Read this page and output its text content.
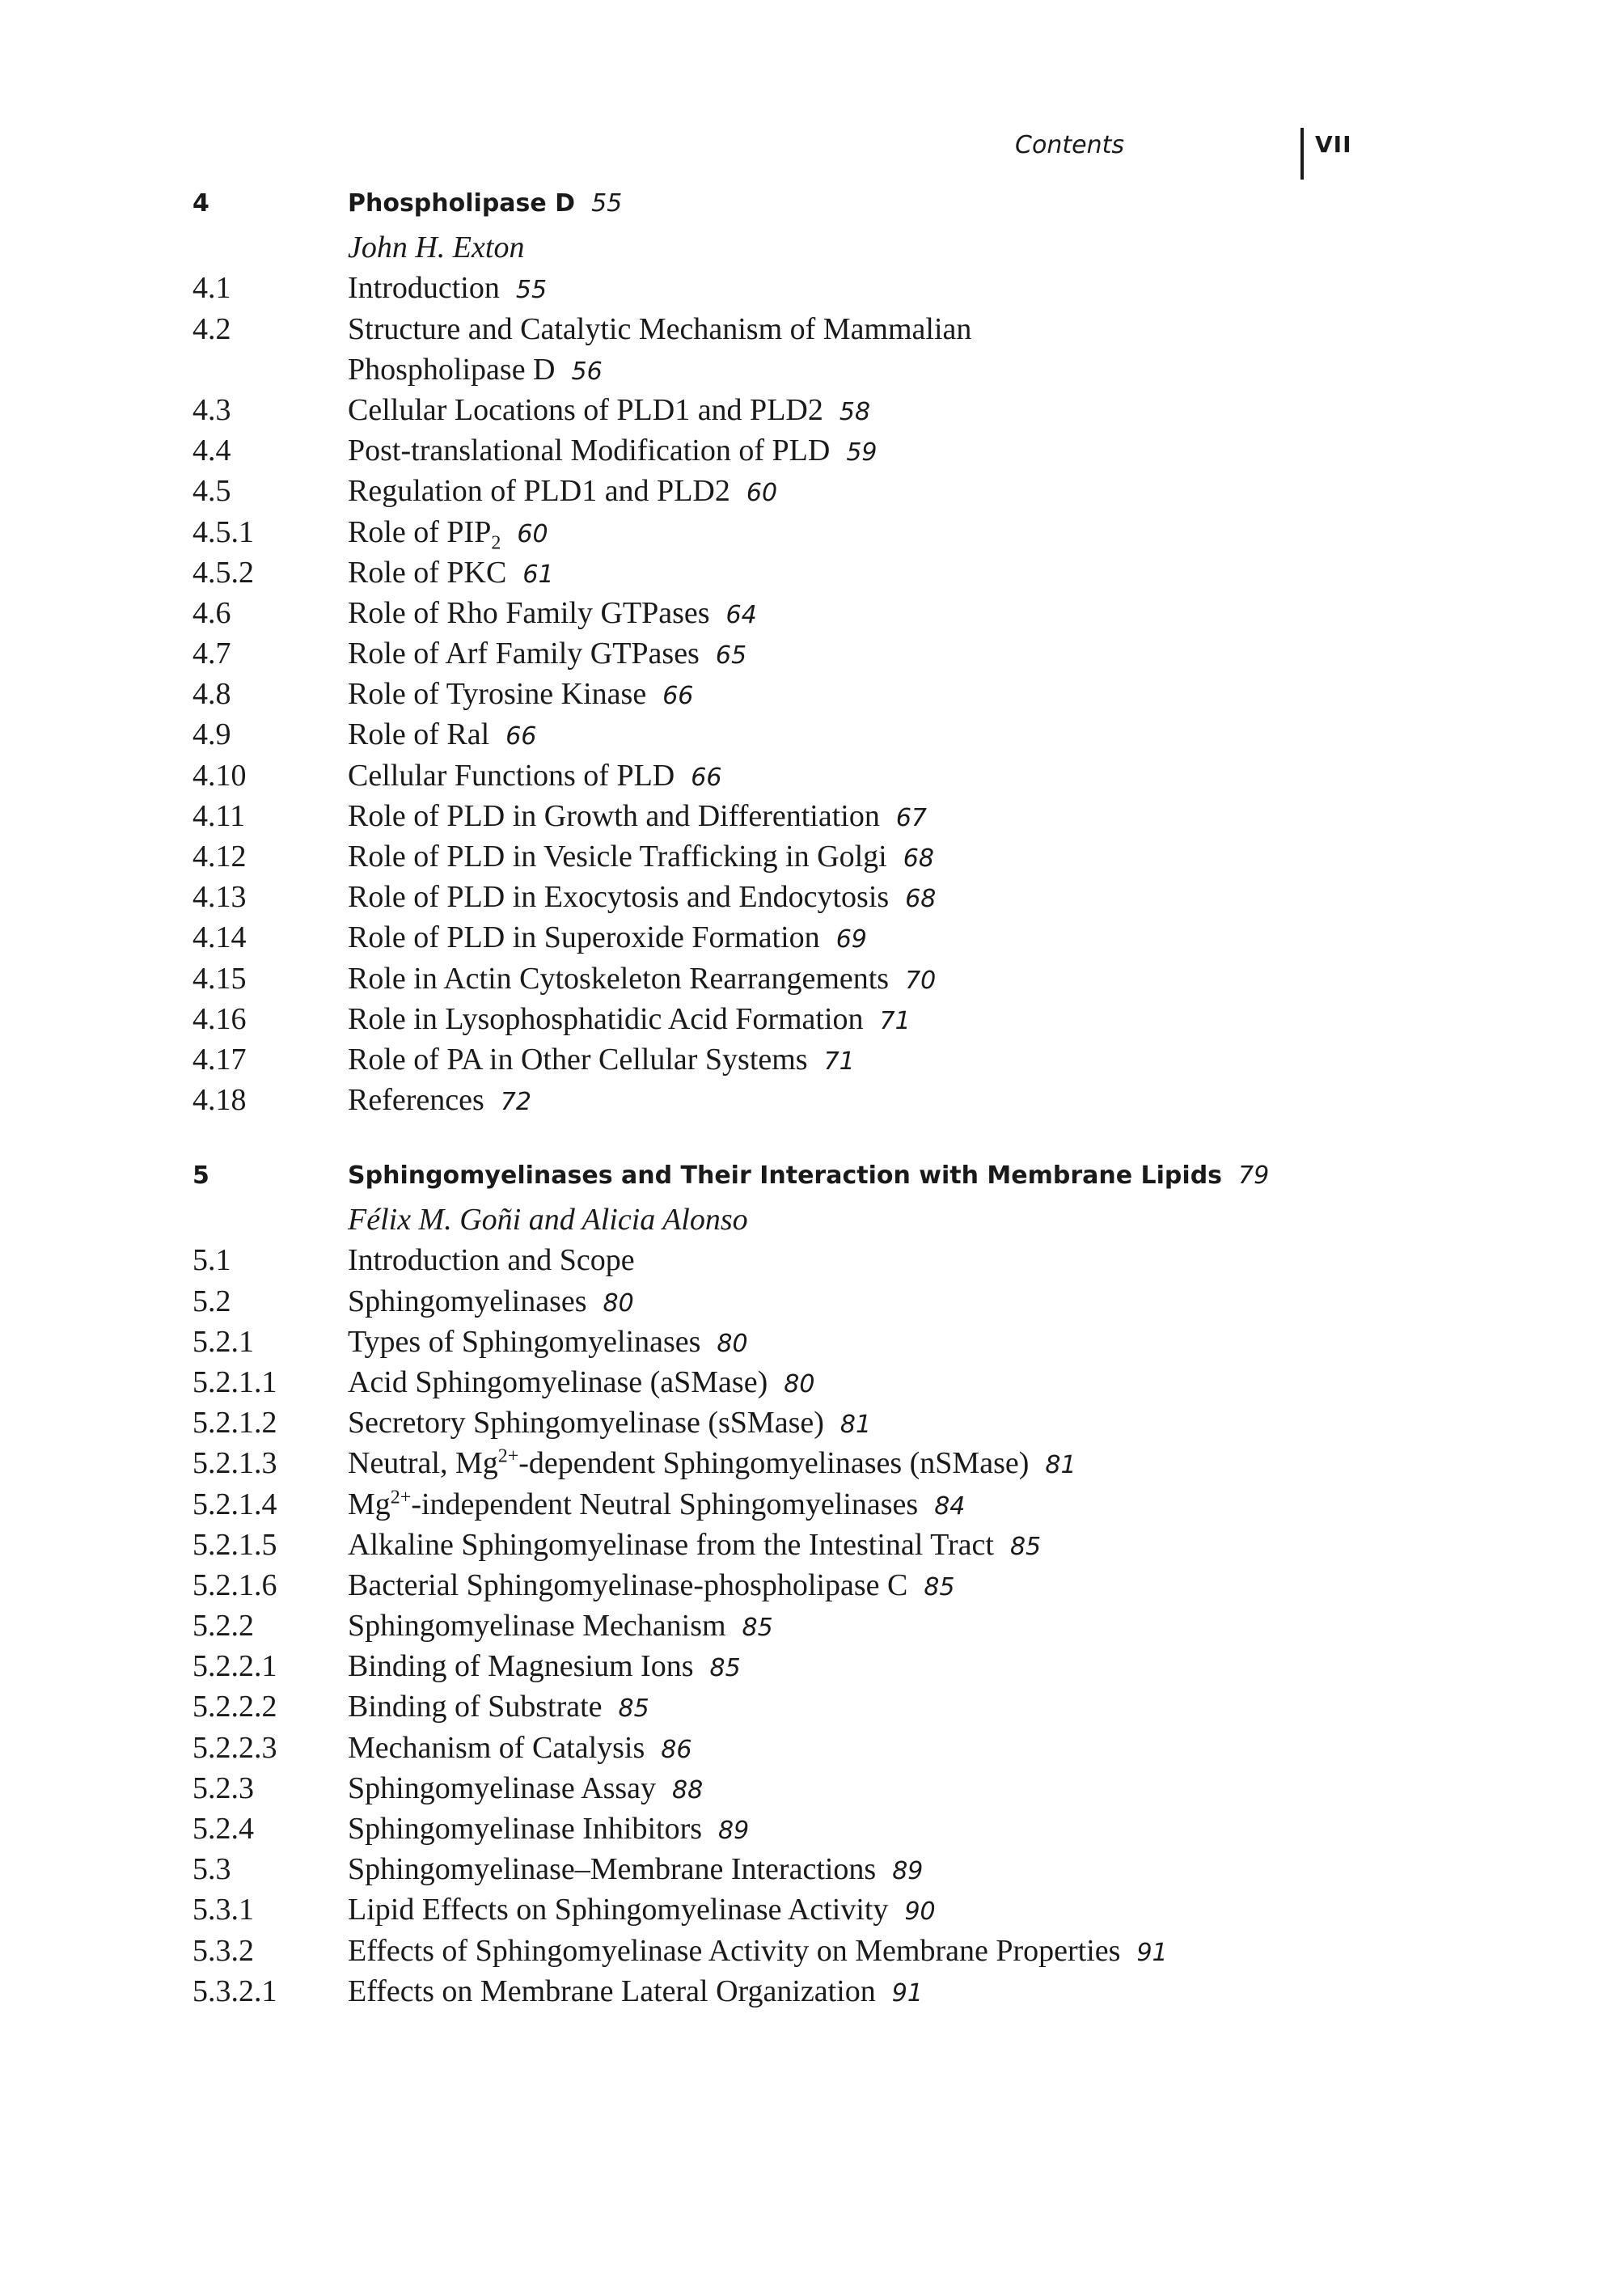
Contents	VII
4	Phospholipase D 55
John H. Exton
4.1	Introduction 55
4.2	Structure and Catalytic Mechanism of Mammalian
Phospholipase D 56
4.3	Cellular Locations of PLD1 and PLD2 58
4.4	Post-translational Modification of PLD 59
4.5	Regulation of PLD1 and PLD2 60
4.5.1	Role of $PIP_2$ 60
4.5.2	Role of PKC 61
4.6	Role of Rho Family GTPases 64
4.7	Role of Arf Family GTPases 65
4.8	Role of Tyrosine Kinase 66
4.9	Role of Ral 66
4.10	Cellular Functions of PLD 66
4.11	Role of PLD in Growth and Differentiation 67
4.12	Role of PLD in Vesicle Trafficking in Golgi 68
4.13	Role of PLD in Exocytosis and Endocytosis 68
4.14	Role of PLD in Superoxide Formation 69
4.15	Role in Actin Cytoskeleton Rearrangements 70
4.16	Role in Lysophosphatidic Acid Formation 71
4.17	Role of PA in Other Cellular Systems 71
4.18	References 72
5	Sphingomyelinases and Their Interaction with Membrane Lipids 79
Félix M. Goñi and Alicia Alonso
5.1	Introduction and Scope
5.2	Sphingomyelinases 80
5.2.1	Types of Sphingomyelinases 80
5.2.1.1	Acid Sphingomyelinase (aSMase) 80
5.2.1.2	Secretory Sphingomyelinase (sSMase) 81
5.2.1.3	Neutral, $Mg^{2+}$-dependent Sphingomyelinases (nSMase) 81
5.2.1.4	$Mg^{2+}$-independent Neutral Sphingomyelinases 84
5.2.1.5	Alkaline Sphingomyelinase from the Intestinal Tract 85
5.2.1.6	Bacterial Sphingomyelinase-phospholipase C 85
5.2.2	Sphingomyelinase Mechanism 85
5.2.2.1	Binding of Magnesium Ions 85
5.2.2.2	Binding of Substrate 85
5.2.2.3	Mechanism of Catalysis 86
5.2.3	Sphingomyelinase Assay 88
5.2.4	Sphingomyelinase Inhibitors 89
5.3	Sphingomyelinase–Membrane Interactions 89
5.3.1	Lipid Effects on Sphingomyelinase Activity 90
5.3.2	Effects of Sphingomyelinase Activity on Membrane Properties 91
5.3.2.1	Effects on Membrane Lateral Organization 91
